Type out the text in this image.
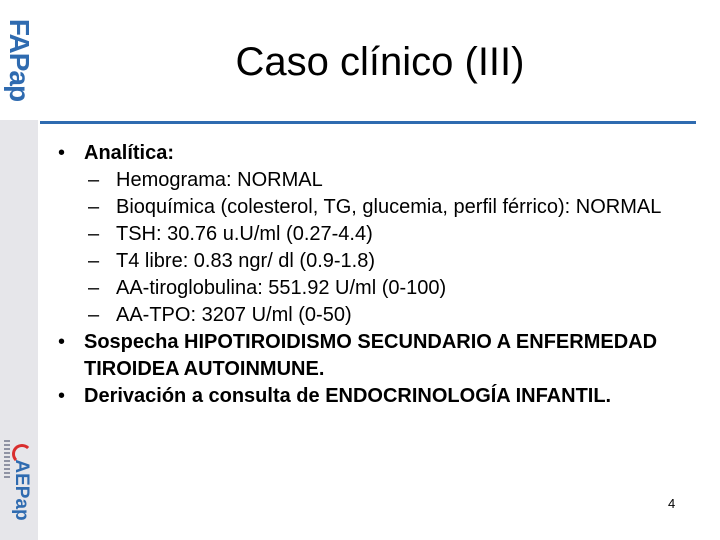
FAPap
AEPap
Caso clínico (III)
• Analítica:
– Hemograma: NORMAL
– Bioquímica (colesterol, TG, glucemia, perfil férrico): NORMAL
– TSH: 30.76 u.U/ml (0.27-4.4)
– T4 libre: 0.83 ngr/ dl (0.9-1.8)
– AA-tiroglobulina: 551.92 U/ml (0-100)
– AA-TPO: 3207 U/ml (0-50)
• Sospecha HIPOTIROIDISMO SECUNDARIO A ENFERMEDAD TIROIDEA AUTOINMUNE.
• Derivación a consulta de ENDOCRINOLOGÍA INFANTIL.
4
